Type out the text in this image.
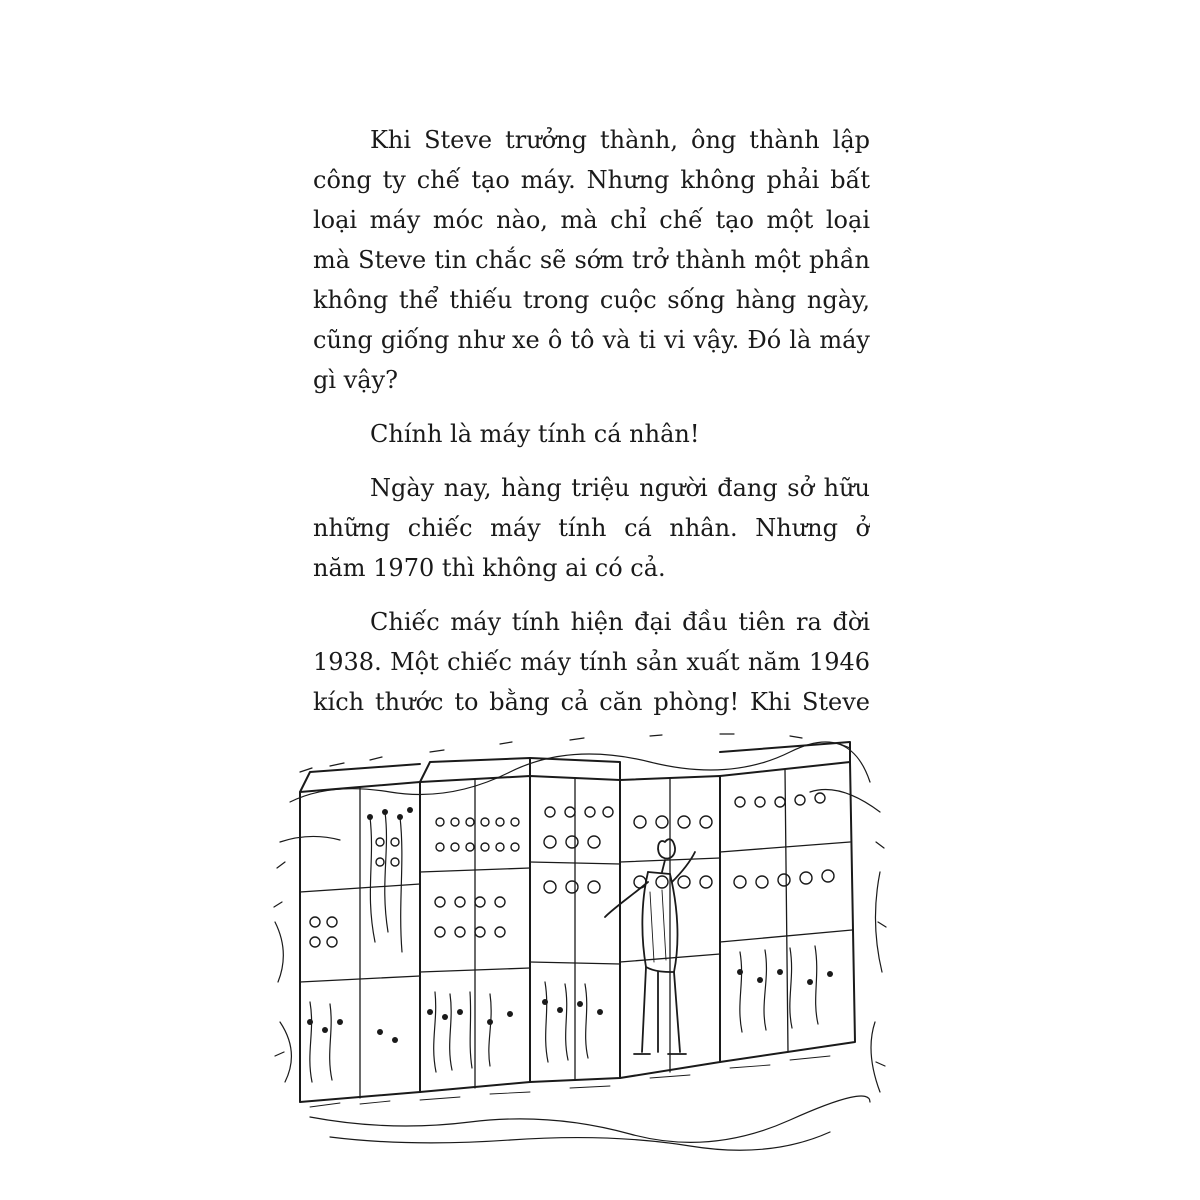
Khi Steve trưởng thành, ông thành lập
công ty chế tạo máy. Nhưng không phải bất
loại máy móc nào, mà chỉ chế tạo một loại
mà Steve tin chắc sẽ sớm trở thành một phần
không thể thiếu trong cuộc sống hàng ngày,
cũng giống như xe ô tô và ti vi vậy. Đó là máy
gì vậy?
Chính là máy tính cá nhân!
Ngày nay, hàng triệu người đang sở hữu
những chiếc máy tính cá nhân. Nhưng ở
năm 1970 thì không ai có cả.
Chiếc máy tính hiện đại đầu tiên ra đời
1938. Một chiếc máy tính sản xuất năm 1946
kích thước to bằng cả căn phòng! Khi Steve
